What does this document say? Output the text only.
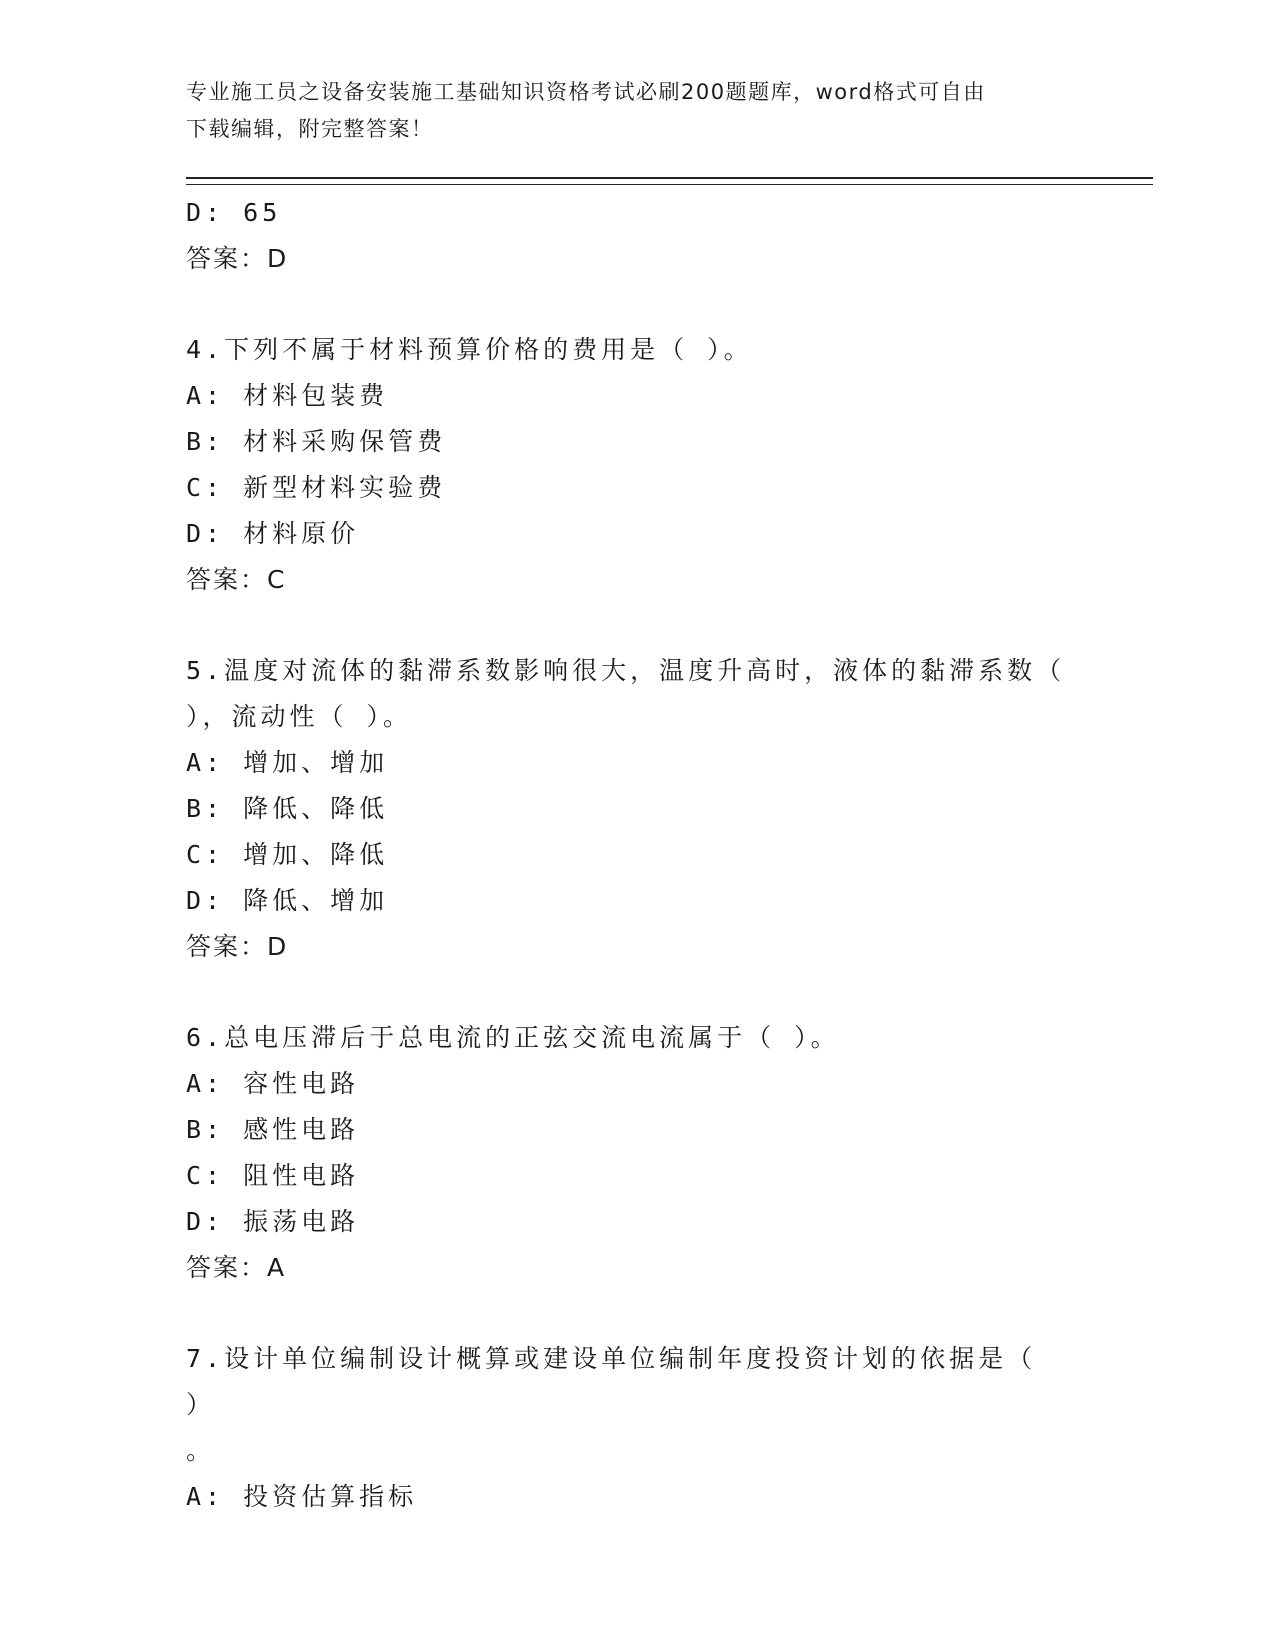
专业施工员之设备安装施工基础知识资格考试必刷200题题库，word格式可自由
下载编辑，附完整答案！
D: 65
答案：D
4.下列不属于材料预算价格的费用是（ ）。
A: 材料包装费
B: 材料采购保管费
C: 新型材料实验费
D: 材料原价
答案：C
5.温度对流体的黏滞系数影响很大，温度升高时，液体的黏滞系数（
），流动性（ ）。
A: 增加、增加
B: 降低、降低
C: 增加、降低
D: 降低、增加
答案：D
6.总电压滞后于总电流的正弦交流电流属于（ ）。
A: 容性电路
B: 感性电路
C: 阻性电路
D: 振荡电路
答案：A
7.设计单位编制设计概算或建设单位编制年度投资计划的依据是（ ）
。
A: 投资估算指标
